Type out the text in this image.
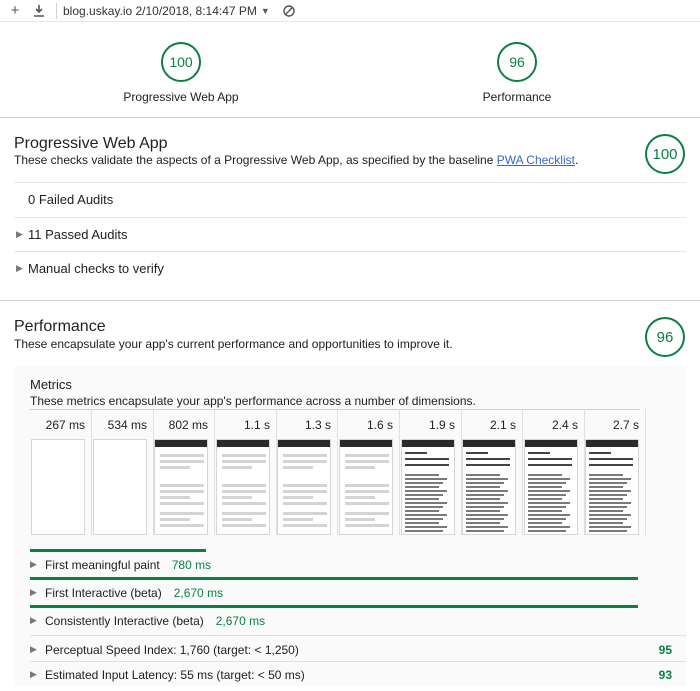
+	blog.uskay.io 2/10/2018, 8:14:47 PM ▼
100
Progressive Web App
96
Performance
Progressive Web App
These checks validate the aspects of a Progressive Web App, as specified by the baseline PWA Checklist.	100
0 Failed Audits
▶ 11 Passed Audits
▶ Manual checks to verify
Performance
These encapsulate your app's current performance and opportunities to improve it.	96
Metrics
These metrics encapsulate your app's performance across a number of dimensions.
267 ms 534 ms 802 ms	1.1 s	1.3 s	1.6 s	1.9 s	2.1 s	2.4 s	2.7 s
▶ First meaningful paint 780 ms
▶ First Interactive (beta) 2,670 ms
▶ Consistently Interactive (beta) 2,670 ms
▶ Perceptual Speed Index: 1,760 (target: < 1,250)	95
▶ Estimated Input Latency: 55 ms (target: < 50 ms)	93
